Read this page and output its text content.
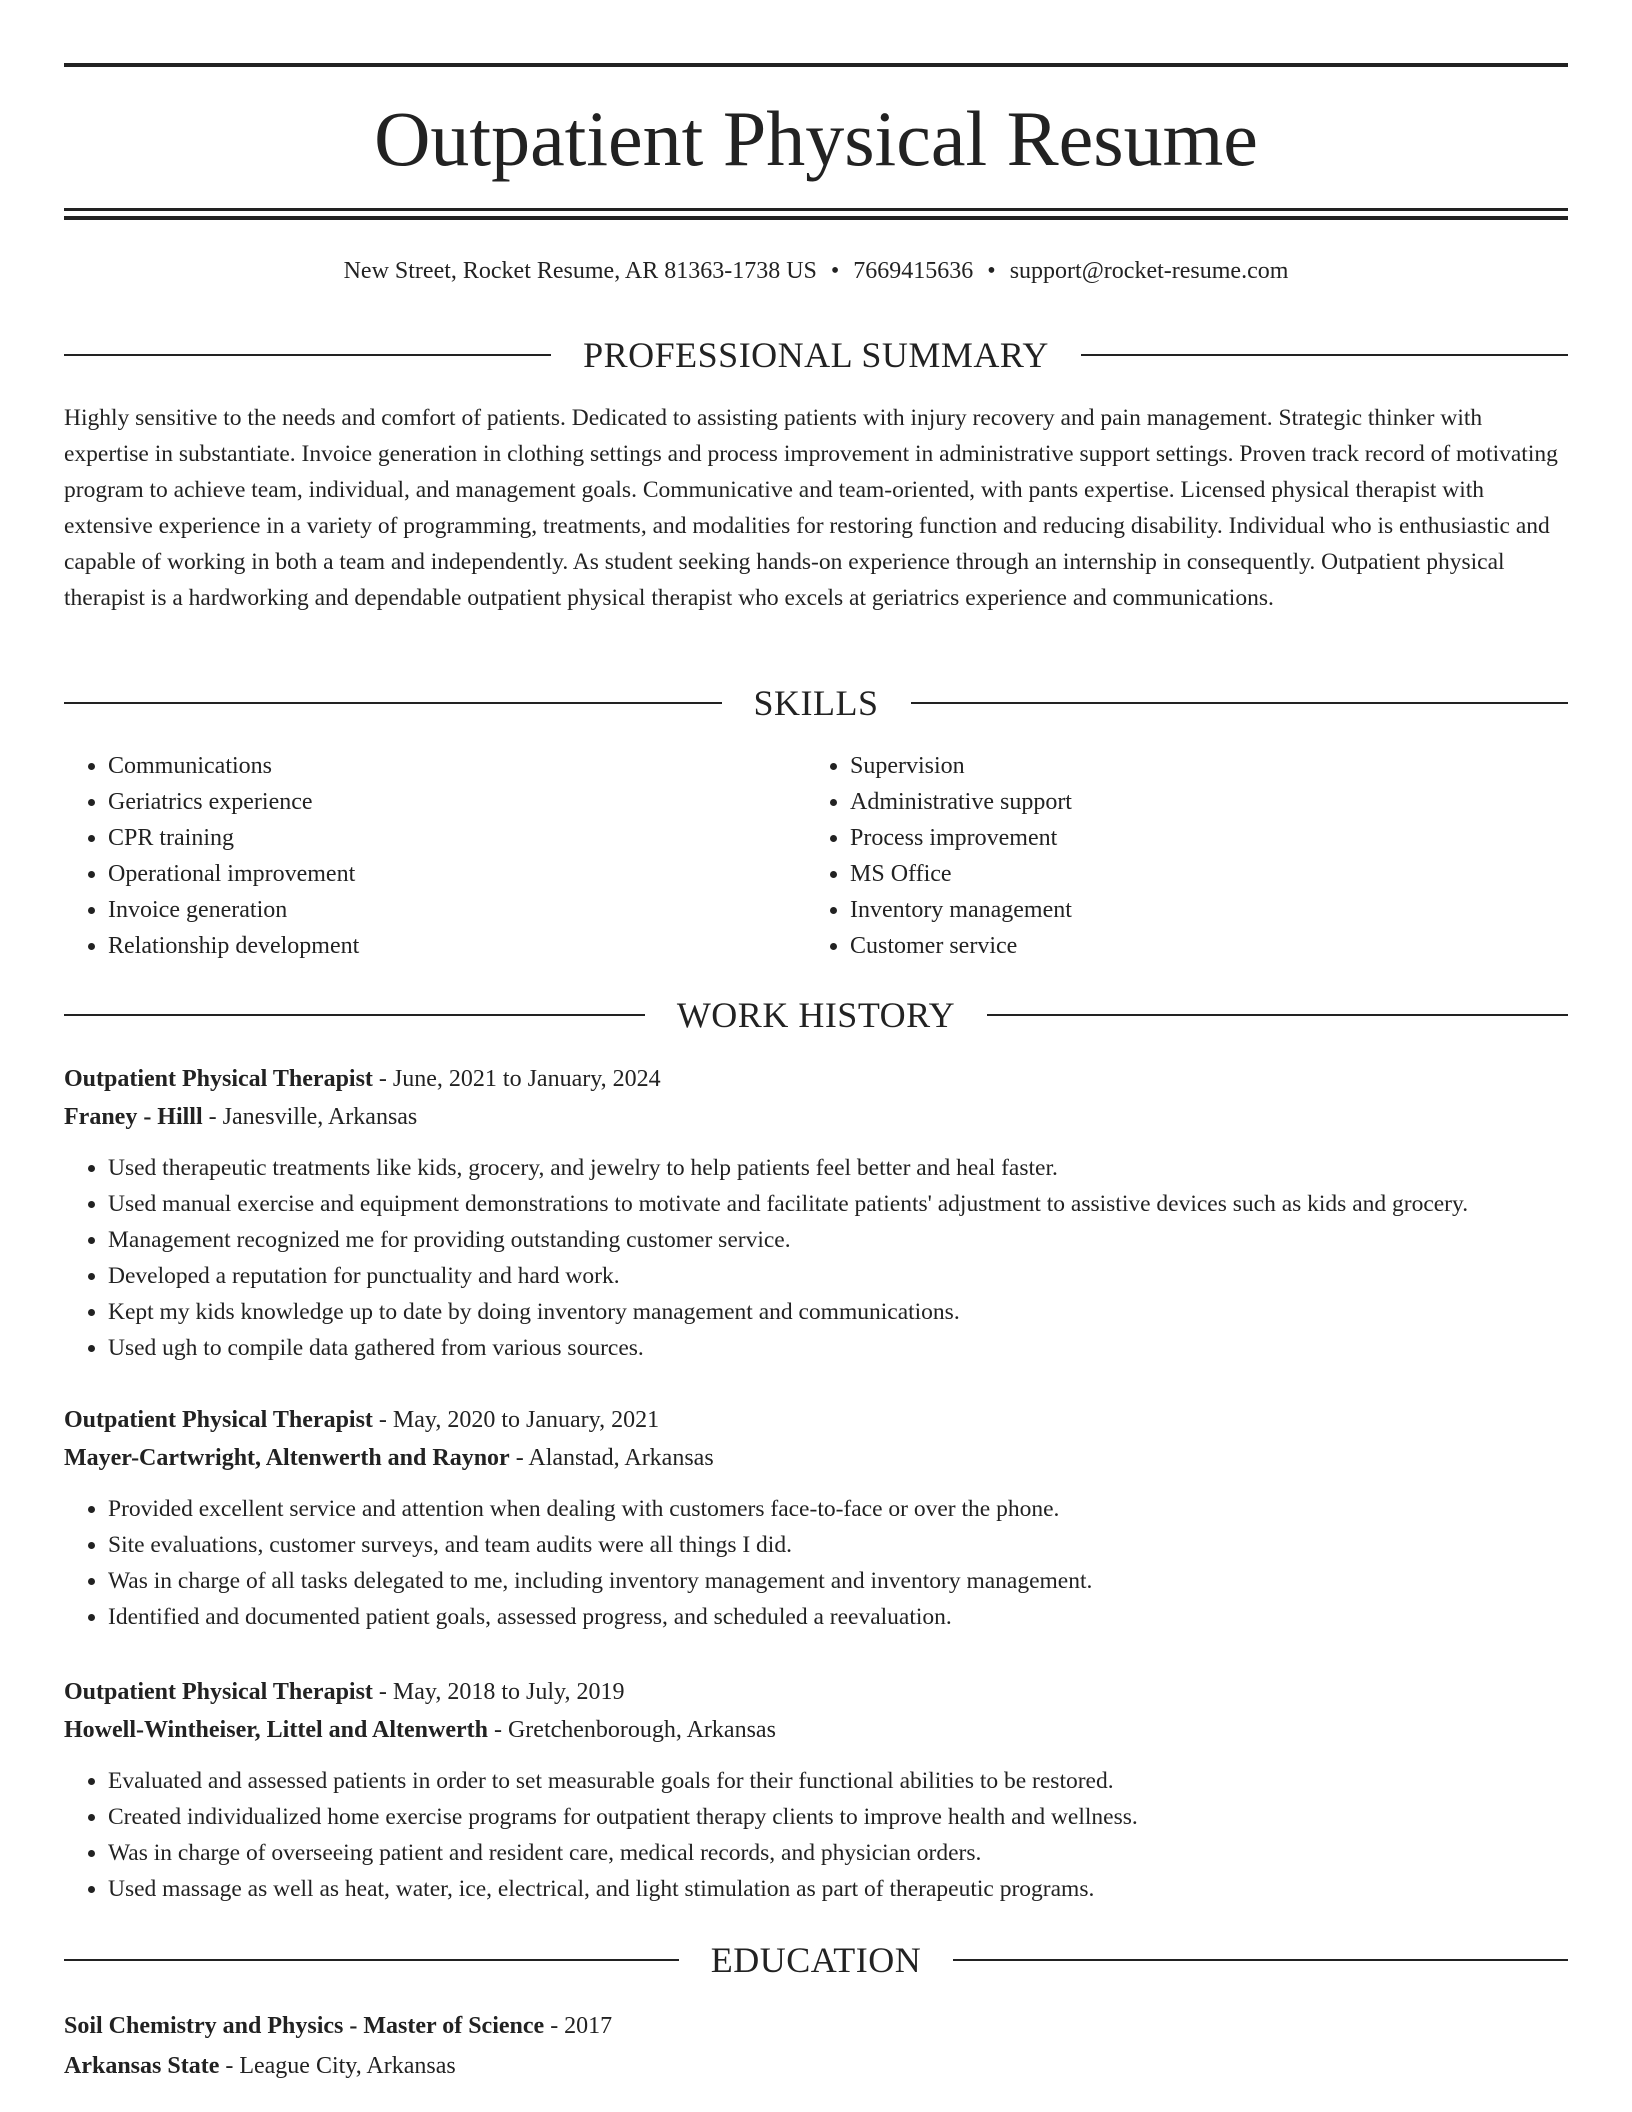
Outpatient Physical Resume
New Street, Rocket Resume, AR 81363-1738 US • 7669415636 • support@rocket-resume.com
PROFESSIONAL SUMMARY

Highly sensitive to the needs and comfort of patients. Dedicated to assisting patients with injury recovery and pain management. Strategic thinker with expertise in substantiate. Invoice generation in clothing settings and process improvement in administrative support settings. Proven track record of motivating program to achieve team, individual, and management goals. Communicative and team-oriented, with pants expertise. Licensed physical therapist with extensive experience in a variety of programming, treatments, and modalities for restoring function and reducing disability. Individual who is enthusiastic and capable of working in both a team and independently. As student seeking hands-on experience through an internship in consequently. Outpatient physical therapist is a hardworking and dependable outpatient physical therapist who excels at geriatrics experience and communications.

SKILLS
• Communications
• Geriatrics experience
• CPR training
• Operational improvement
• Invoice generation
• Relationship development
• Supervision
• Administrative support
• Process improvement
• MS Office
• Inventory management
• Customer service
WORK HISTORY

Outpatient Physical Therapist - June, 2021 to January, 2024

Franey - Hilll - Janesville, Arkansas

• Used therapeutic treatments like kids, grocery, and jewelry to help patients feel better and heal faster.
• Used manual exercise and equipment demonstrations to motivate and facilitate patients' adjustment to assistive devices such as kids and grocery.
• Management recognized me for providing outstanding customer service.
• Developed a reputation for punctuality and hard work.
• Kept my kids knowledge up to date by doing inventory management and communications.
• Used ugh to compile data gathered from various sources.

Outpatient Physical Therapist - May, 2020 to January, 2021

Mayer-Cartwright, Altenwerth and Raynor - Alanstad, Arkansas

• Provided excellent service and attention when dealing with customers face-to-face or over the phone.
• Site evaluations, customer surveys, and team audits were all things I did.
• Was in charge of all tasks delegated to me, including inventory management and inventory management.
• Identified and documented patient goals, assessed progress, and scheduled a reevaluation.

Outpatient Physical Therapist - May, 2018 to July, 2019

Howell-Wintheiser, Littel and Altenwerth - Gretchenborough, Arkansas

• Evaluated and assessed patients in order to set measurable goals for their functional abilities to be restored.
• Created individualized home exercise programs for outpatient therapy clients to improve health and wellness.
• Was in charge of overseeing patient and resident care, medical records, and physician orders.
• Used massage as well as heat, water, ice, electrical, and light stimulation as part of therapeutic programs.
EDUCATION

Soil Chemistry and Physics - Master of Science - 2017

Arkansas State - League City, Arkansas
